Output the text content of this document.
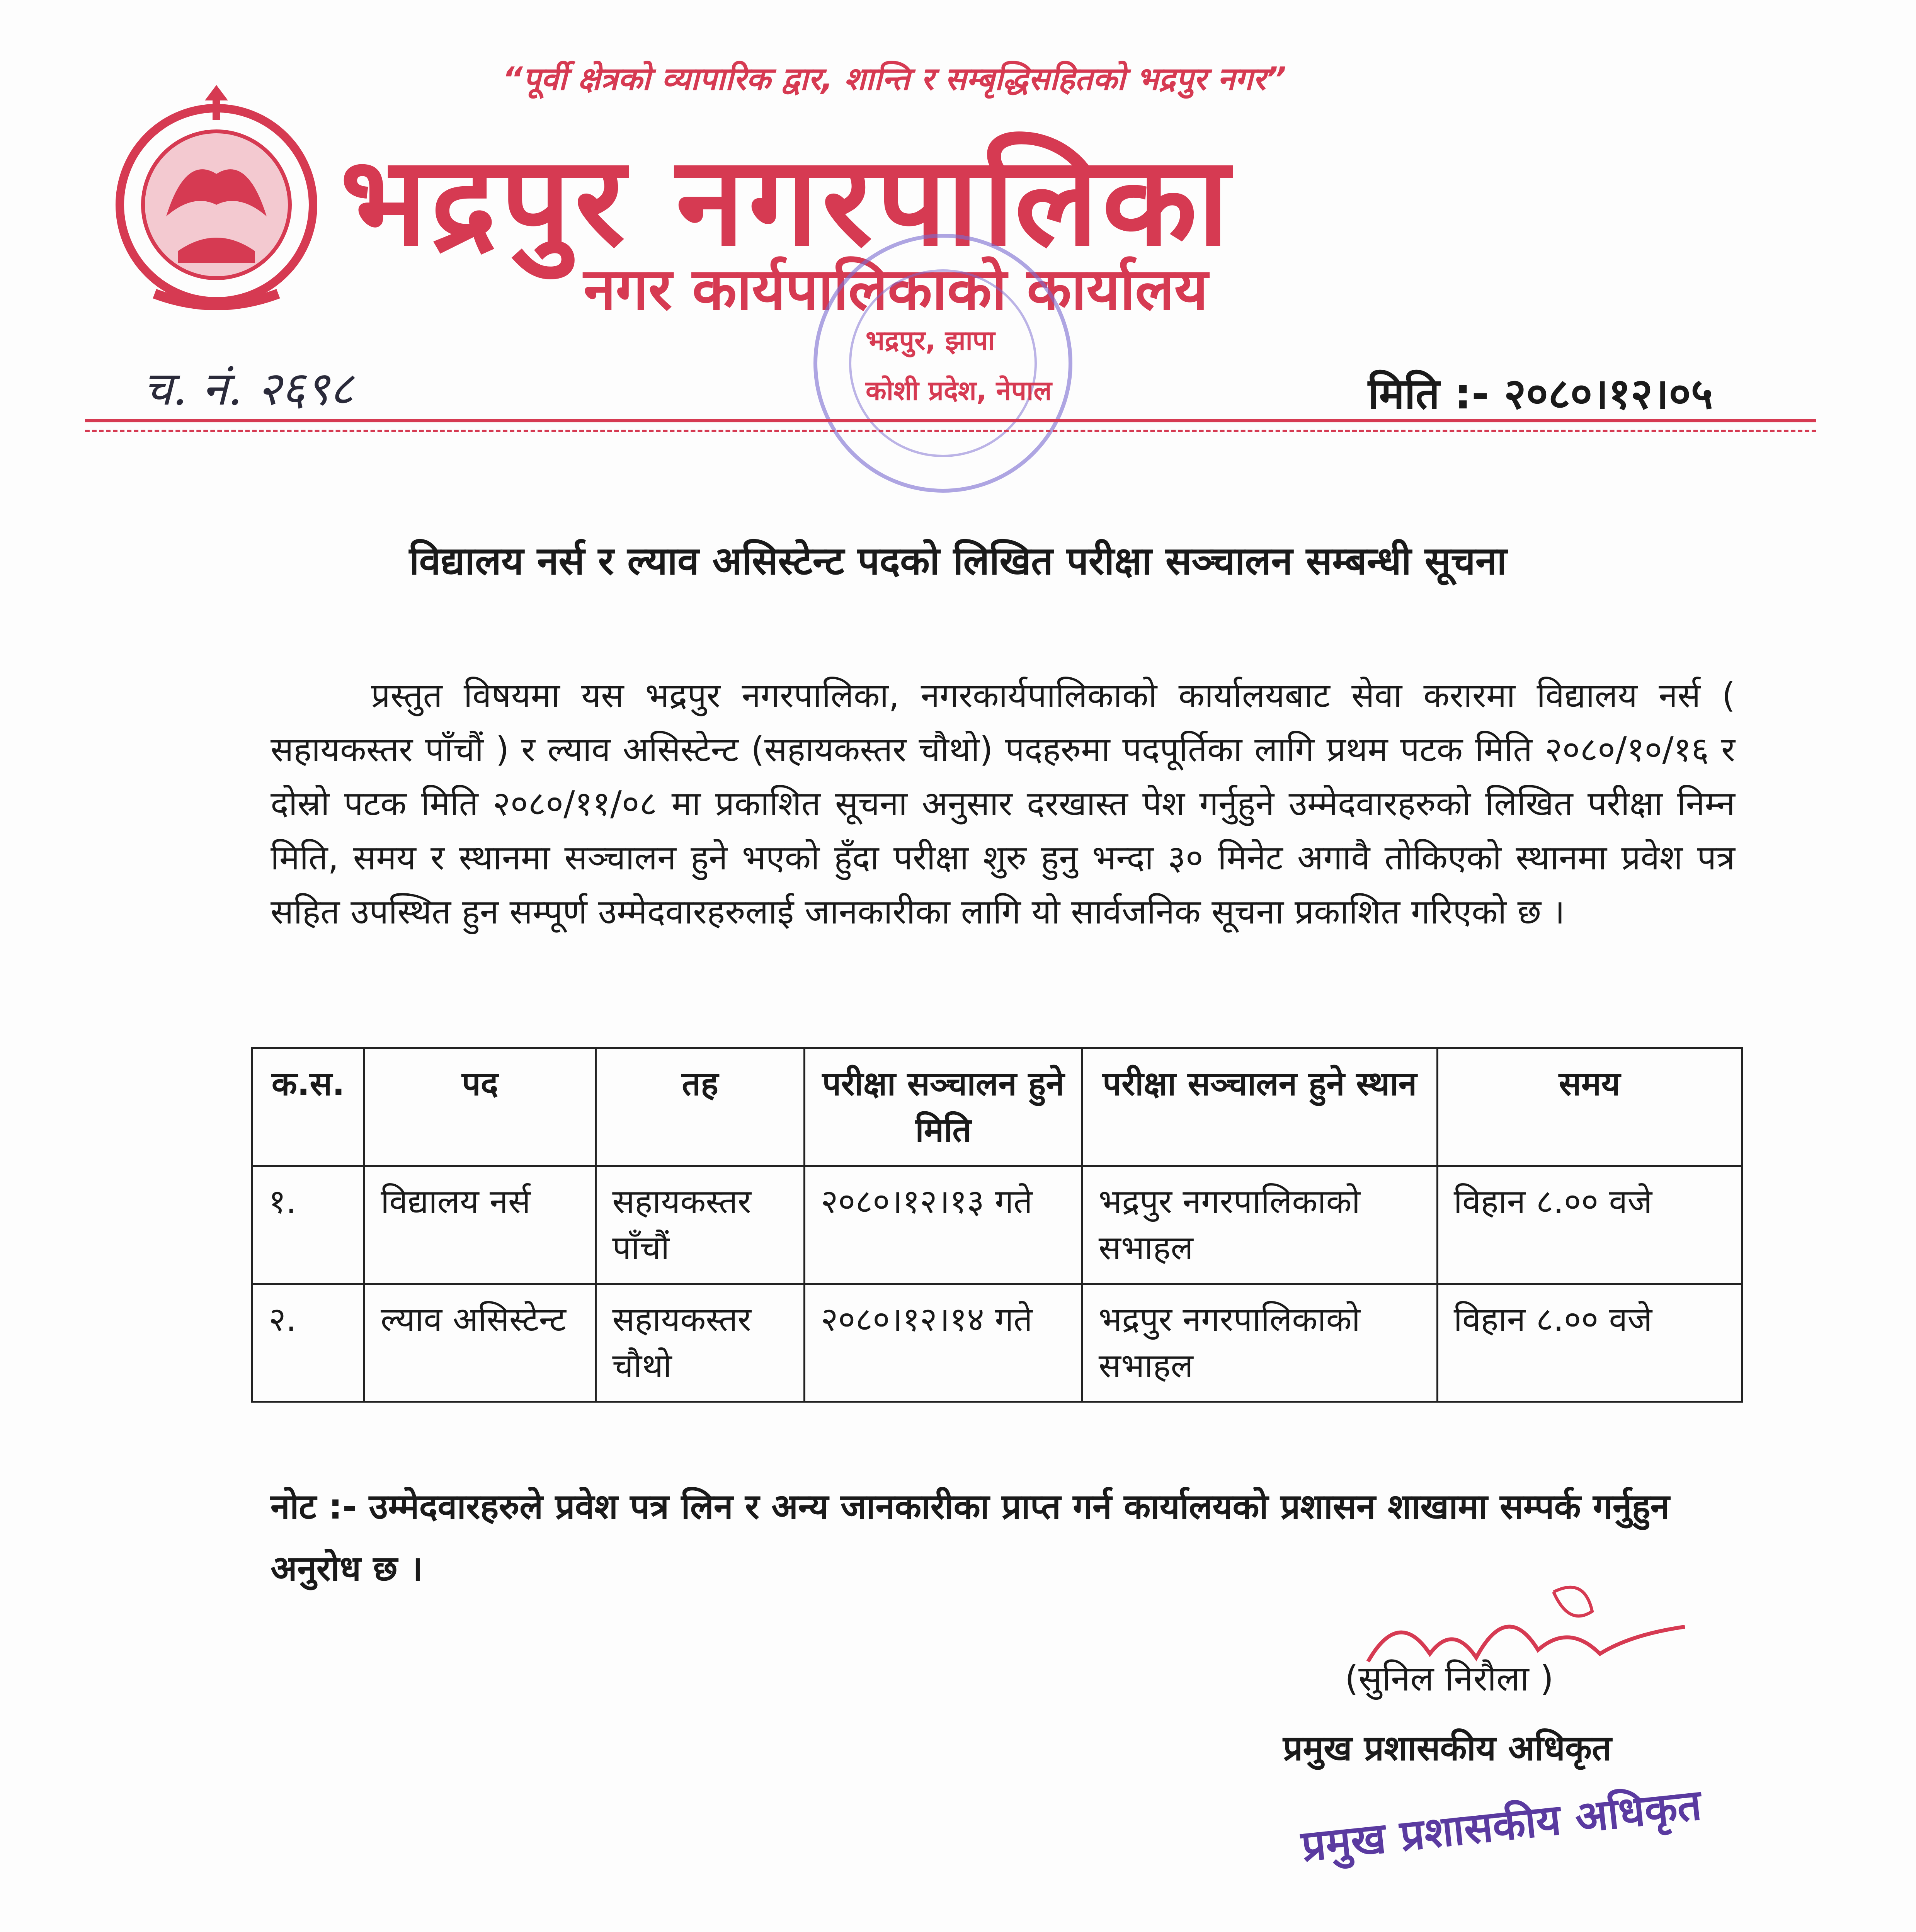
“पूर्वी क्षेत्रको व्यापारिक द्वार, शान्ति र सम्बृद्धिसहितको भद्रपुर नगर”
भद्रपुर नगरपालिका
नगर कार्यपालिकाको कार्यालय
भद्रपुर, झापा
कोशी प्रदेश, नेपाल
च. नं. २६९८	मिति :- २०८०।१२।०५
विद्यालय नर्स र ल्याव असिस्टेन्ट पदको लिखित परीक्षा सञ्चालन सम्बन्धी सूचना
प्रस्तुत विषयमा यस भद्रपुर नगरपालिका, नगरकार्यपालिकाको कार्यालयबाट सेवा करारमा विद्यालय नर्स ( सहायकस्तर पाँचौं ) र ल्याव असिस्टेन्ट (सहायकस्तर चौथो) पदहरुमा पदपूर्तिका लागि प्रथम पटक मिति २०८०/१०/१६ र दोस्रो पटक मिति २०८०/११/०८ मा प्रकाशित सूचना अनुसार दरखास्त पेश गर्नुहुने उम्मेदवारहरुको लिखित परीक्षा निम्न मिति, समय र स्थानमा सञ्चालन हुने भएको हुँदा परीक्षा शुरु हुनु भन्दा ३० मिनेट अगावै तोकिएको स्थानमा प्रवेश पत्र सहित उपस्थित हुन सम्पूर्ण उम्मेदवारहरुलाई जानकारीका लागि यो सार्वजनिक सूचना प्रकाशित गरिएको छ ।
क.स.	पद	तह	परीक्षा सञ्चालन हुने मिति	परीक्षा सञ्चालन हुने स्थान	समय
१.	विद्यालय नर्स	सहायकस्तर पाँचौं	२०८०।१२।१३ गते	भद्रपुर नगरपालिकाको सभाहल	विहान ८.०० वजे
२.	ल्याव असिस्टेन्ट	सहायकस्तर चौथो	२०८०।१२।१४ गते	भद्रपुर नगरपालिकाको सभाहल	विहान ८.०० वजे
नोट :- उम्मेदवारहरुले प्रवेश पत्र लिन र अन्य जानकारीका प्राप्त गर्न कार्यालयको प्रशासन शाखामा सम्पर्क गर्नुहुन अनुरोध छ ।
(सुनिल निरौला )
प्रमुख प्रशासकीय अधिकृत
प्रमुख प्रशासकीय अधिकृत
